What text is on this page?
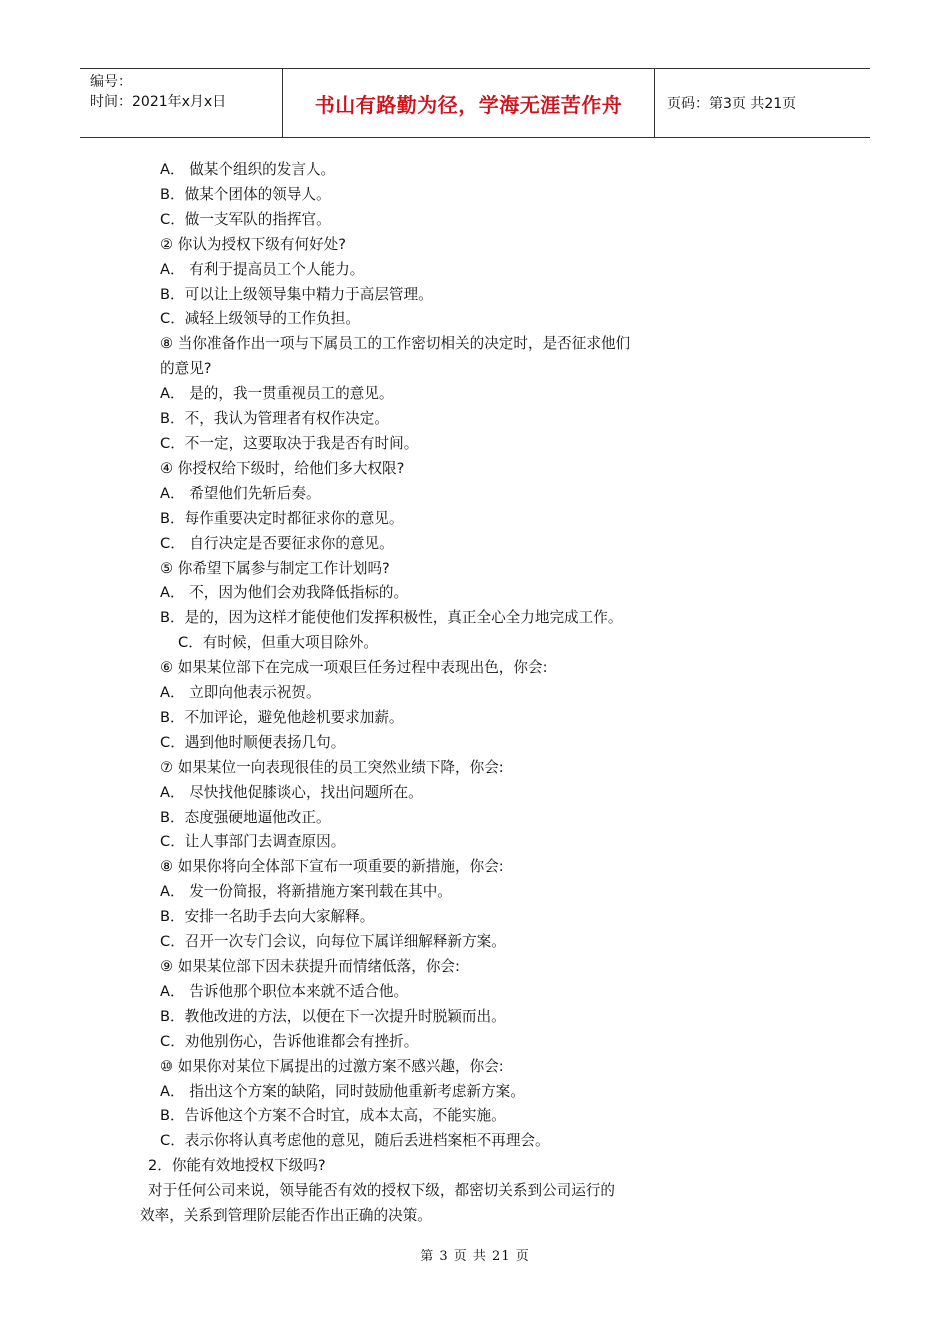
编号：
时间：2021年x月x日	书山有路勤为径，学海无涯苦作舟	页码：第3页 共21页
A． 做某个组织的发言人。
B．做某个团体的领导人。
C．做一支军队的指挥官。
② 你认为授权下级有何好处?
A． 有利于提高员工个人能力。
B．可以让上级领导集中精力于高层管理。
C．减轻上级领导的工作负担。
⑧ 当你准备作出一项与下属员工的工作密切相关的决定时，是否征求他们
的意见?
A． 是的，我一贯重视员工的意见。
B．不，我认为管理者有权作决定。
C．不一定，这要取决于我是否有时间。
④ 你授权给下级时，给他们多大权限?
A． 希望他们先斩后奏。
B．每作重要决定时都征求你的意见。
C． 自行决定是否要征求你的意见。
⑤ 你希望下属参与制定工作计划吗?
A． 不，因为他们会劝我降低指标的。
B．是的，因为这样才能使他们发挥积极性，真正全心全力地完成工作。
C．有时候，但重大项目除外。
⑥ 如果某位部下在完成一项艰巨任务过程中表现出色，你会:
A． 立即向他表示祝贺。
B．不加评论，避免他趁机要求加薪。
C．遇到他时顺便表扬几句。
⑦ 如果某位一向表现很佳的员工突然业绩下降，你会:
A． 尽快找他促膝谈心，找出问题所在。
B．态度强硬地逼他改正。
C．让人事部门去调查原因。
⑧ 如果你将向全体部下宣布一项重要的新措施，你会:
A． 发一份简报，将新措施方案刊载在其中。
B．安排一名助手去向大家解释。
C．召开一次专门会议，向每位下属详细解释新方案。
⑨ 如果某位部下因未获提升而情绪低落，你会:
A． 告诉他那个职位本来就不适合他。
B．教他改进的方法，以便在下一次提升时脱颖而出。
C．劝他别伤心，告诉他谁都会有挫折。
⑩ 如果你对某位下属提出的过激方案不感兴趣，你会:
A． 指出这个方案的缺陷，同时鼓励他重新考虑新方案。
B．告诉他这个方案不合时宜，成本太高，不能实施。
C．表示你将认真考虑他的意见，随后丢进档案柜不再理会。
2．你能有效地授权下级吗?
对于任何公司来说，领导能否有效的授权下级，都密切关系到公司运行的
效率，关系到管理阶层能否作出正确的决策。
第 3 页 共 21 页
